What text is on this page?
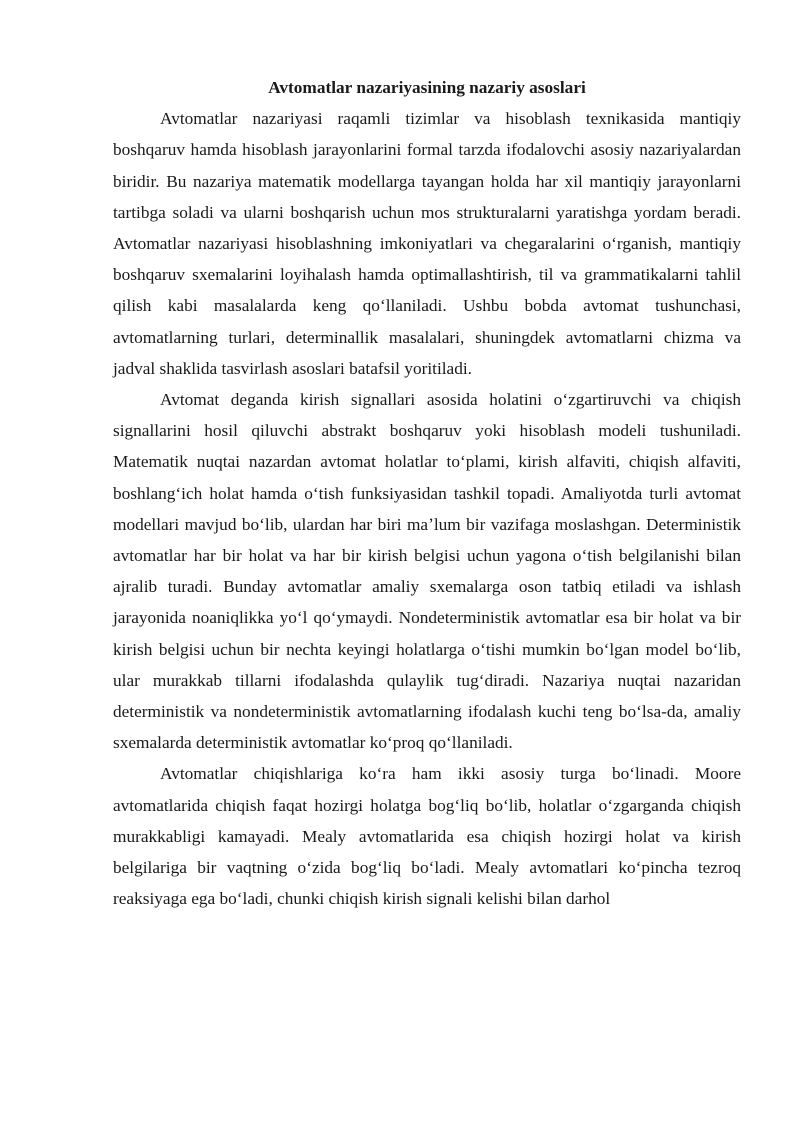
Avtomatlar nazariyasining nazariy asoslari

Avtomatlar nazariyasi raqamli tizimlar va hisoblash texnikasida mantiqiy boshqaruv hamda hisoblash jarayonlarini formal tarzda ifodalovchi asosiy nazariyalardan biridir. Bu nazariya matematik modellarga tayangan holda har xil mantiqiy jarayonlarni tartibga soladi va ularni boshqarish uchun mos strukturalarni yaratishga yordam beradi. Avtomatlar nazariyasi hisoblashning imkoniyatlari va chegaralarini oʻrganish, mantiqiy boshqaruv sxemalarini loyihalash hamda optimallashtirish, til va grammatikalarni tahlil qilish kabi masalalarda keng qoʻllaniladi. Ushbu bobda avtomat tushunchasi, avtomatlarning turlari, determinallik masalalari, shuningdek avtomatlarni chizma va jadval shaklida tasvirlash asoslari batafsil yoritiladi.

Avtomat deganda kirish signallari asosida holatini oʻzgartiruvchi va chiqish signallarini hosil qiluvchi abstrakt boshqaruv yoki hisoblash modeli tushuniladi. Matematik nuqtai nazardan avtomat holatlar toʻplami, kirish alfaviti, chiqish alfaviti, boshlangʻich holat hamda oʻtish funksiyasidan tashkil topadi. Amaliyotda turli avtomat modellari mavjud boʻlib, ulardan har biri maʼlum bir vazifaga moslashgan. Deterministik avtomatlar har bir holat va har bir kirish belgisi uchun yagona oʻtish belgilanishi bilan ajralib turadi. Bunday avtomatlar amaliy sxemalarga oson tatbiq etiladi va ishlash jarayonida noaniqlikka yoʻl qoʻymaydi. Nondeterministik avtomatlar esa bir holat va bir kirish belgisi uchun bir nechta keyingi holatlarga oʻtishi mumkin boʻlgan model boʻlib, ular murakkab tillarni ifodalashda qulaylik tugʻdiradi. Nazariya nuqtai nazaridan deterministik va nondeterministik avtomatlarning ifodalash kuchi teng boʻlsa-da, amaliy sxemalarda deterministik avtomatlar koʻproq qoʻllaniladi.

Avtomatlar chiqishlariga koʻra ham ikki asosiy turga boʻlinadi. Moore avtomatlarida chiqish faqat hozirgi holatga bogʻliq boʻlib, holatlar oʻzgarganda chiqish murakkabligi kamayadi. Mealy avtomatlarida esa chiqish hozirgi holat va kirish belgilariga bir vaqtning oʻzida bogʻliq boʻladi. Mealy avtomatlari koʻpincha tezroq reaksiyaga ega boʻladi, chunki chiqish kirish signali kelishi bilan darhol
